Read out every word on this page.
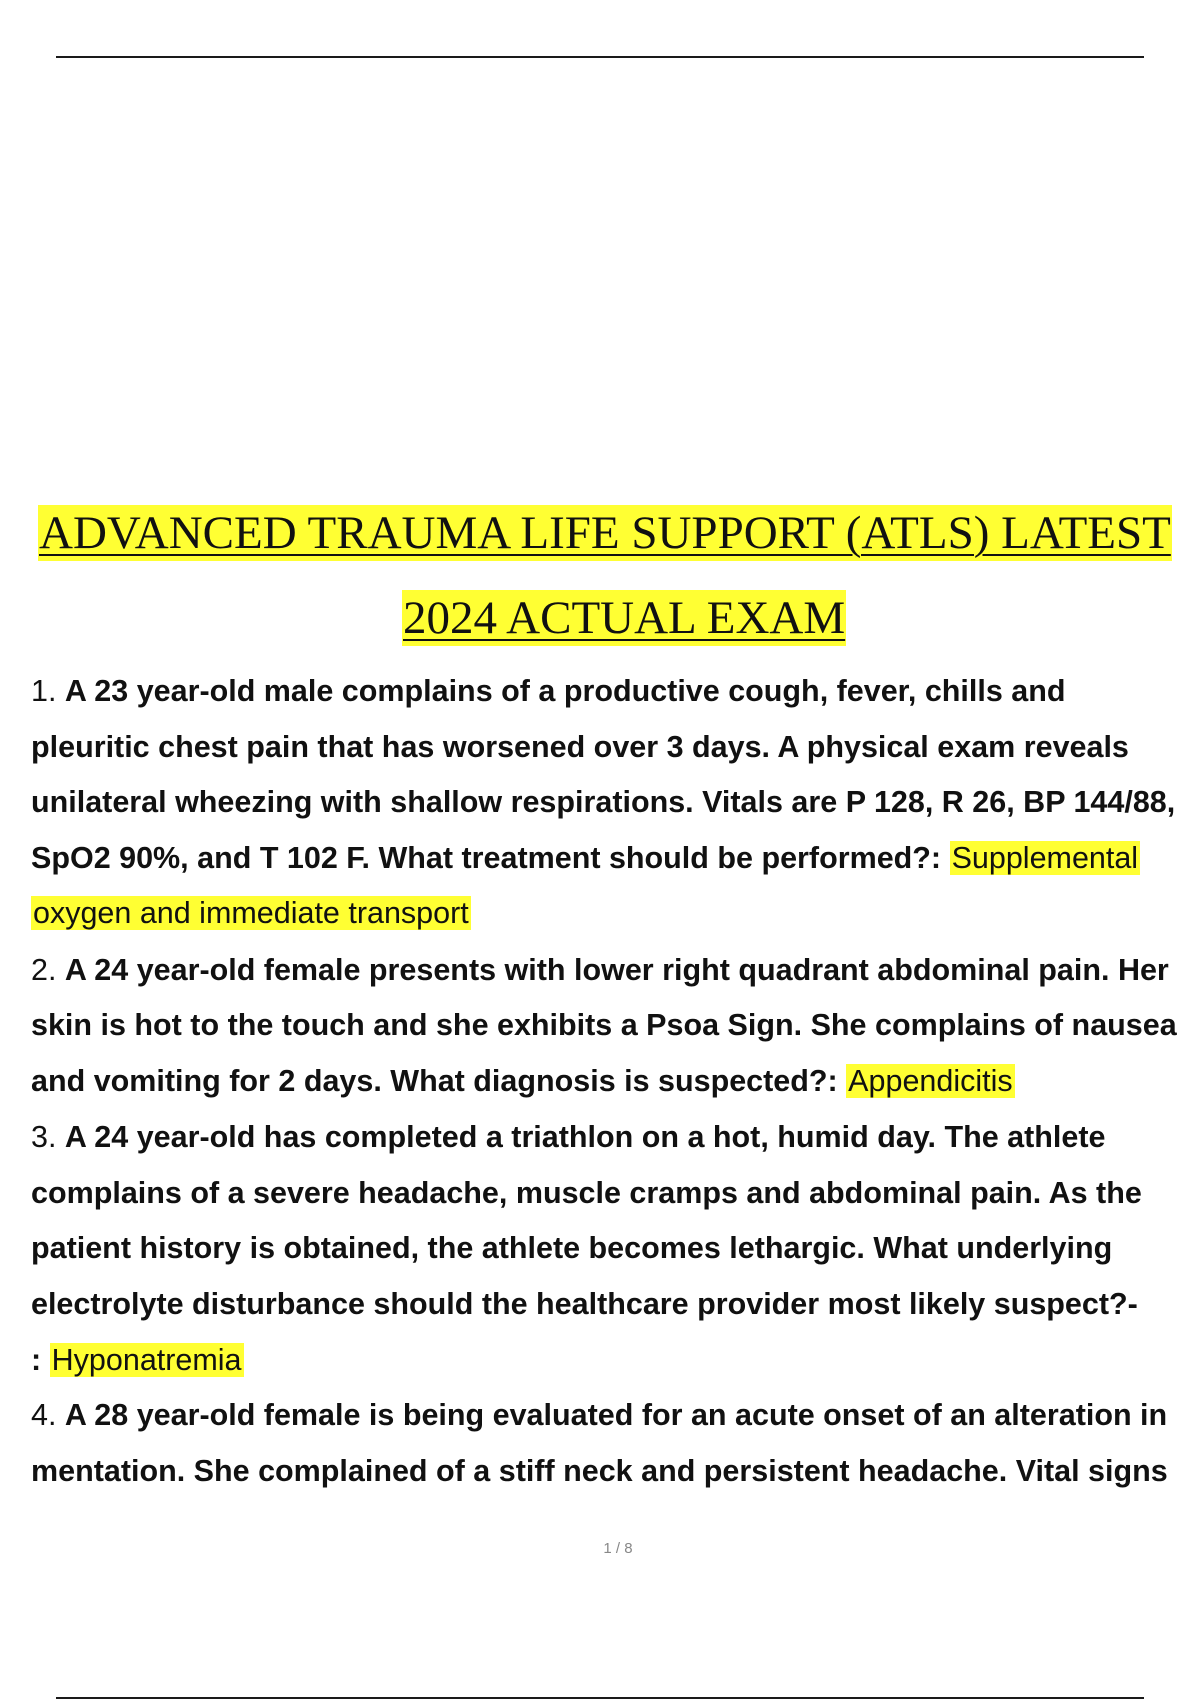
ADVANCED TRAUMA LIFE SUPPORT (ATLS) LATEST
2024 ACTUAL EXAM
1. A 23 year-old male complains of a productive cough, fever, chills and
pleuritic chest pain that has worsened over 3 days. A physical exam reveals
unilateral wheezing with shallow respirations. Vitals are P 128, R 26, BP 144/88,
SpO2 90%, and T 102 F. What treatment should be performed?: Supplemental
oxygen and immediate transport
2. A 24 year-old female presents with lower right quadrant abdominal pain. Her
skin is hot to the touch and she exhibits a Psoa Sign. She complains of nausea
and vomiting for 2 days. What diagnosis is suspected?: Appendicitis
3. A 24 year-old has completed a triathlon on a hot, humid day. The athlete
complains of a severe headache, muscle cramps and abdominal pain. As the
patient history is obtained, the athlete becomes lethargic. What underlying
electrolyte disturbance should the healthcare provider most likely suspect?-
: Hyponatremia
4. A 28 year-old female is being evaluated for an acute onset of an alteration in
mentation. She complained of a stiff neck and persistent headache. Vital signs
1 / 8
